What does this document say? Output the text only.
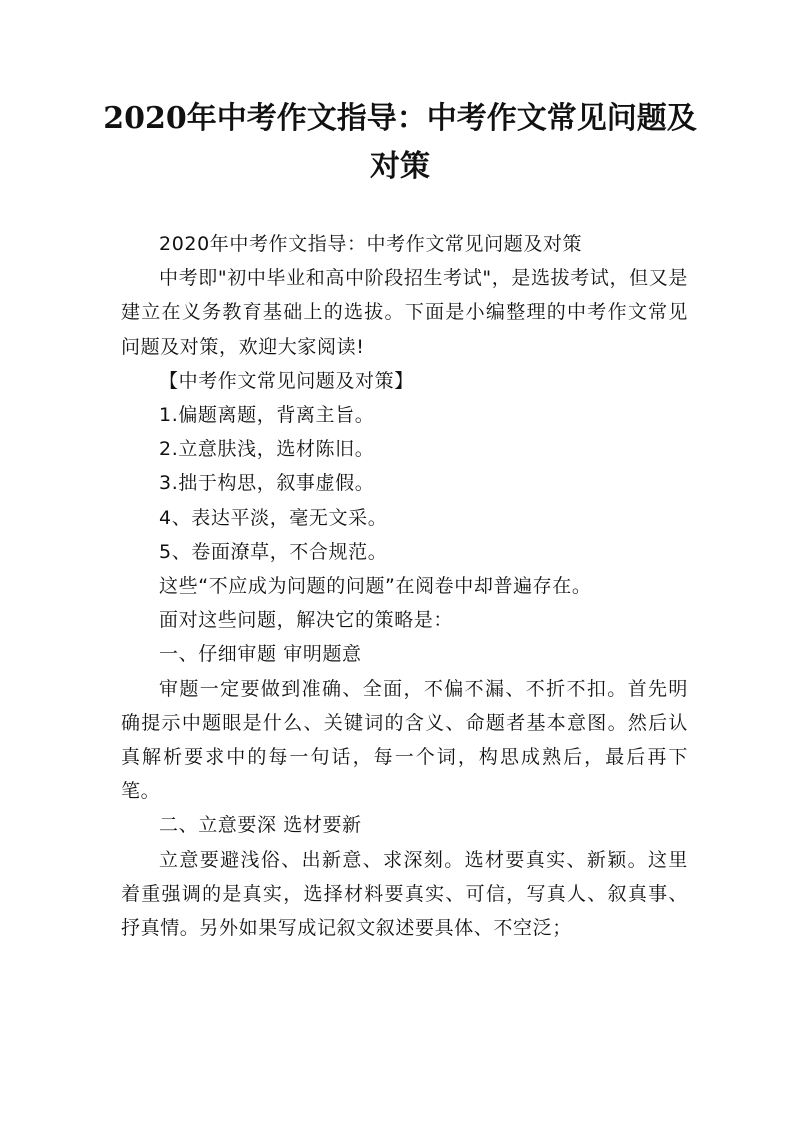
2020年中考作文指导：中考作文常见问题及
对策

2020年中考作文指导：中考作文常见问题及对策

中考即"初中毕业和高中阶段招生考试"，是选拔考试，但又是建立在义务教育基础上的选拔。下面是小编整理的中考作文常见问题及对策，欢迎大家阅读!

【中考作文常见问题及对策】

1.偏题离题，背离主旨。

2.立意肤浅，选材陈旧。

3.拙于构思，叙事虚假。

4、表达平淡，毫无文采。

5、卷面潦草，不合规范。

这些“不应成为问题的问题”在阅卷中却普遍存在。

面对这些问题，解决它的策略是：

一、仔细审题 审明题意

审题一定要做到准确、全面，不偏不漏、不折不扣。首先明确提示中题眼是什么、关键词的含义、命题者基本意图。然后认真解析要求中的每一句话，每一个词，构思成熟后，最后再下笔。

二、立意要深 选材要新

立意要避浅俗、出新意、求深刻。选材要真实、新颖。这里着重强调的是真实，选择材料要真实、可信，写真人、叙真事、抒真情。另外如果写成记叙文叙述要具体、不空泛；
